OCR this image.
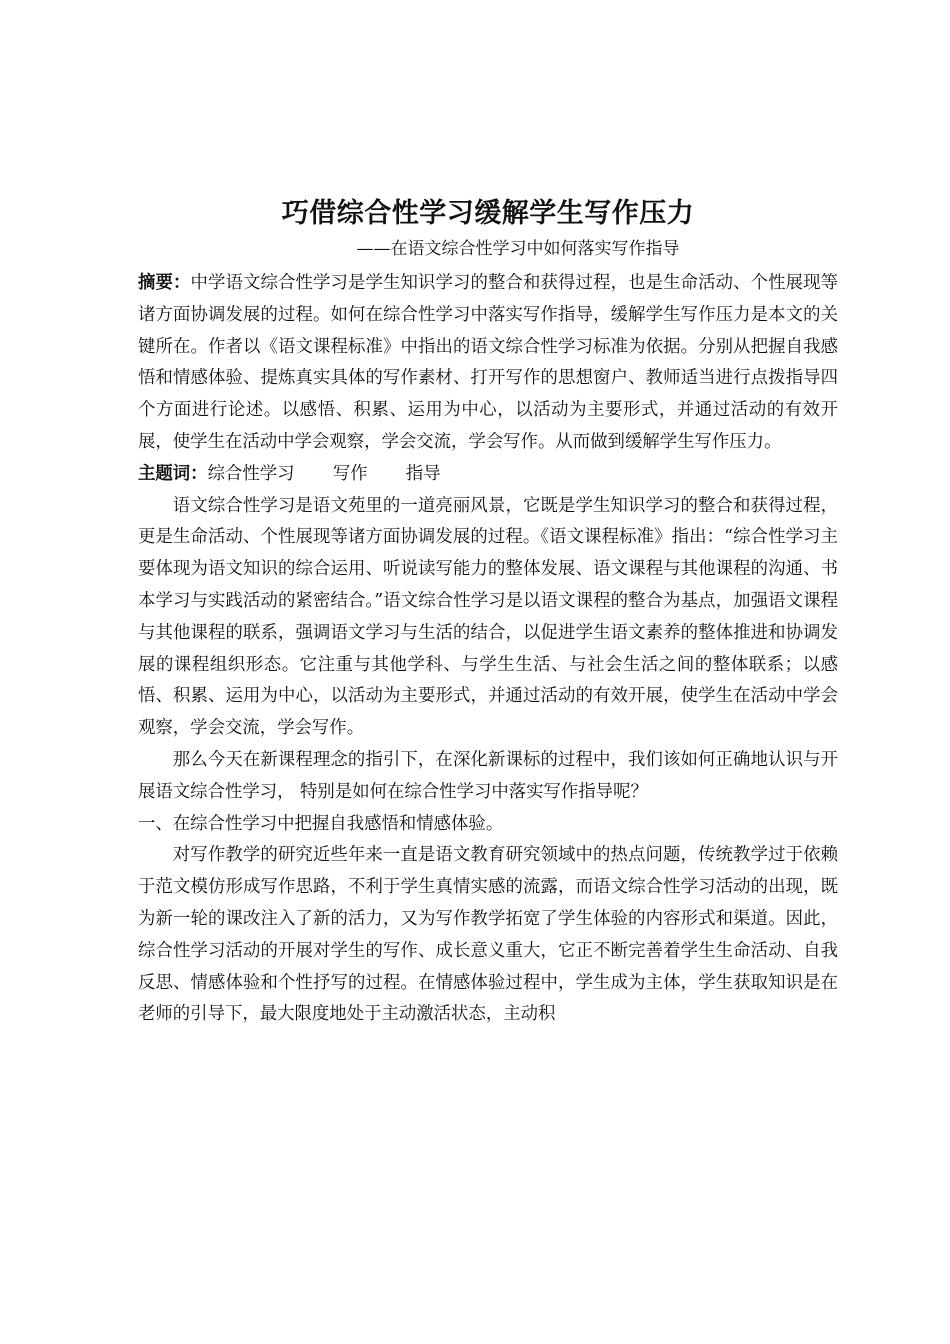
巧借综合性学习缓解学生写作压力
——在语文综合性学习中如何落实写作指导

摘要：中学语文综合性学习是学生知识学习的整合和获得过程，也是生命活动、个性展现等诸方面协调发展的过程。如何在综合性学习中落实写作指导，缓解学生写作压力是本文的关键所在。作者以《语文课程标准》中指出的语文综合性学习标准为依据。分别从把握自我感悟和情感体验、提炼真实具体的写作素材、打开写作的思想窗户、教师适当进行点拨指导四个方面进行论述。以感悟、积累、运用为中心，以活动为主要形式，并通过活动的有效开展，使学生在活动中学会观察，学会交流，学会写作。从而做到缓解学生写作压力。

主题词：综合性学习 写作 指导

语文综合性学习是语文苑里的一道亮丽风景，它既是学生知识学习的整合和获得过程，更是生命活动、个性展现等诸方面协调发展的过程。《语文课程标准》指出：“综合性学习主要体现为语文知识的综合运用、听说读写能力的整体发展、语文课程与其他课程的沟通、书本学习与实践活动的紧密结合。”语文综合性学习是以语文课程的整合为基点，加强语文课程与其他课程的联系，强调语文学习与生活的结合，以促进学生语文素养的整体推进和协调发展的课程组织形态。它注重与其他学科、与学生生活、与社会生活之间的整体联系；以感悟、积累、运用为中心，以活动为主要形式，并通过活动的有效开展，使学生在活动中学会观察，学会交流，学会写作。

那么今天在新课程理念的指引下，在深化新课标的过程中，我们该如何正确地认识与开展语文综合性学习， 特别是如何在综合性学习中落实写作指导呢？

一、在综合性学习中把握自我感悟和情感体验。

对写作教学的研究近些年来一直是语文教育研究领域中的热点问题，传统教学过于依赖于范文模仿形成写作思路，不利于学生真情实感的流露，而语文综合性学习活动的出现，既为新一轮的课改注入了新的活力，又为写作教学拓宽了学生体验的内容形式和渠道。因此，综合性学习活动的开展对学生的写作、成长意义重大，它正不断完善着学生生命活动、自我反思、情感体验和个性抒写的过程。在情感体验过程中，学生成为主体，学生获取知识是在老师的引导下，最大限度地处于主动激活状态，主动积
